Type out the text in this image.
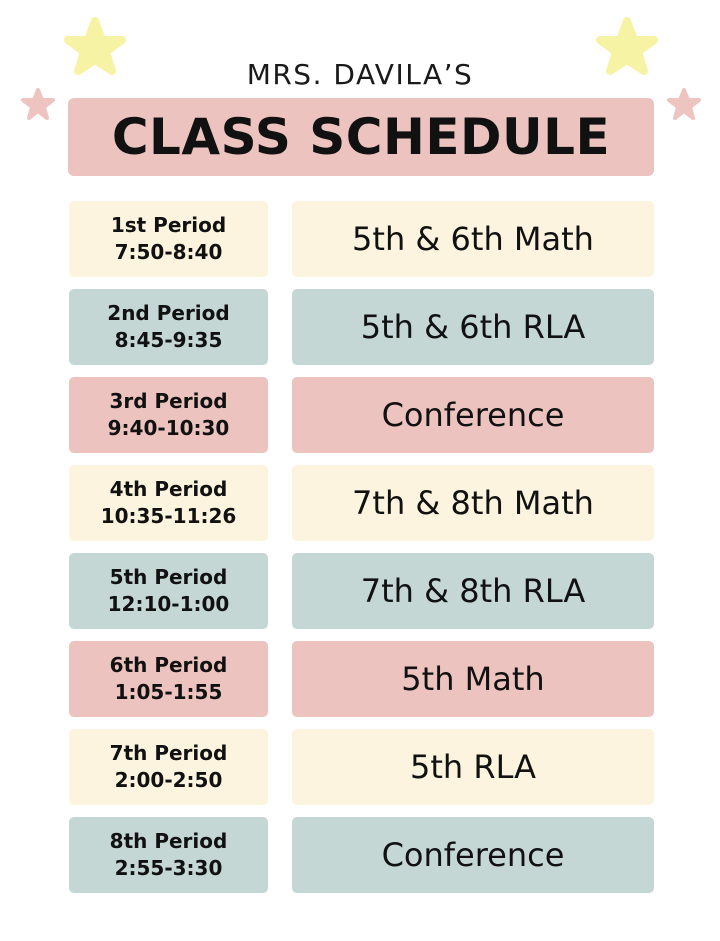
MRS. DAVILA’S
CLASS SCHEDULE
1st Period
7:50-8:40	5th & 6th Math
2nd Period
8:45-9:35	5th & 6th RLA
3rd Period
9:40-10:30	Conference
4th Period
10:35-11:26	7th & 8th Math
5th Period
12:10-1:00	7th & 8th RLA
6th Period
1:05-1:55	5th Math
7th Period
2:00-2:50	5th RLA
8th Period
2:55-3:30	Conference
